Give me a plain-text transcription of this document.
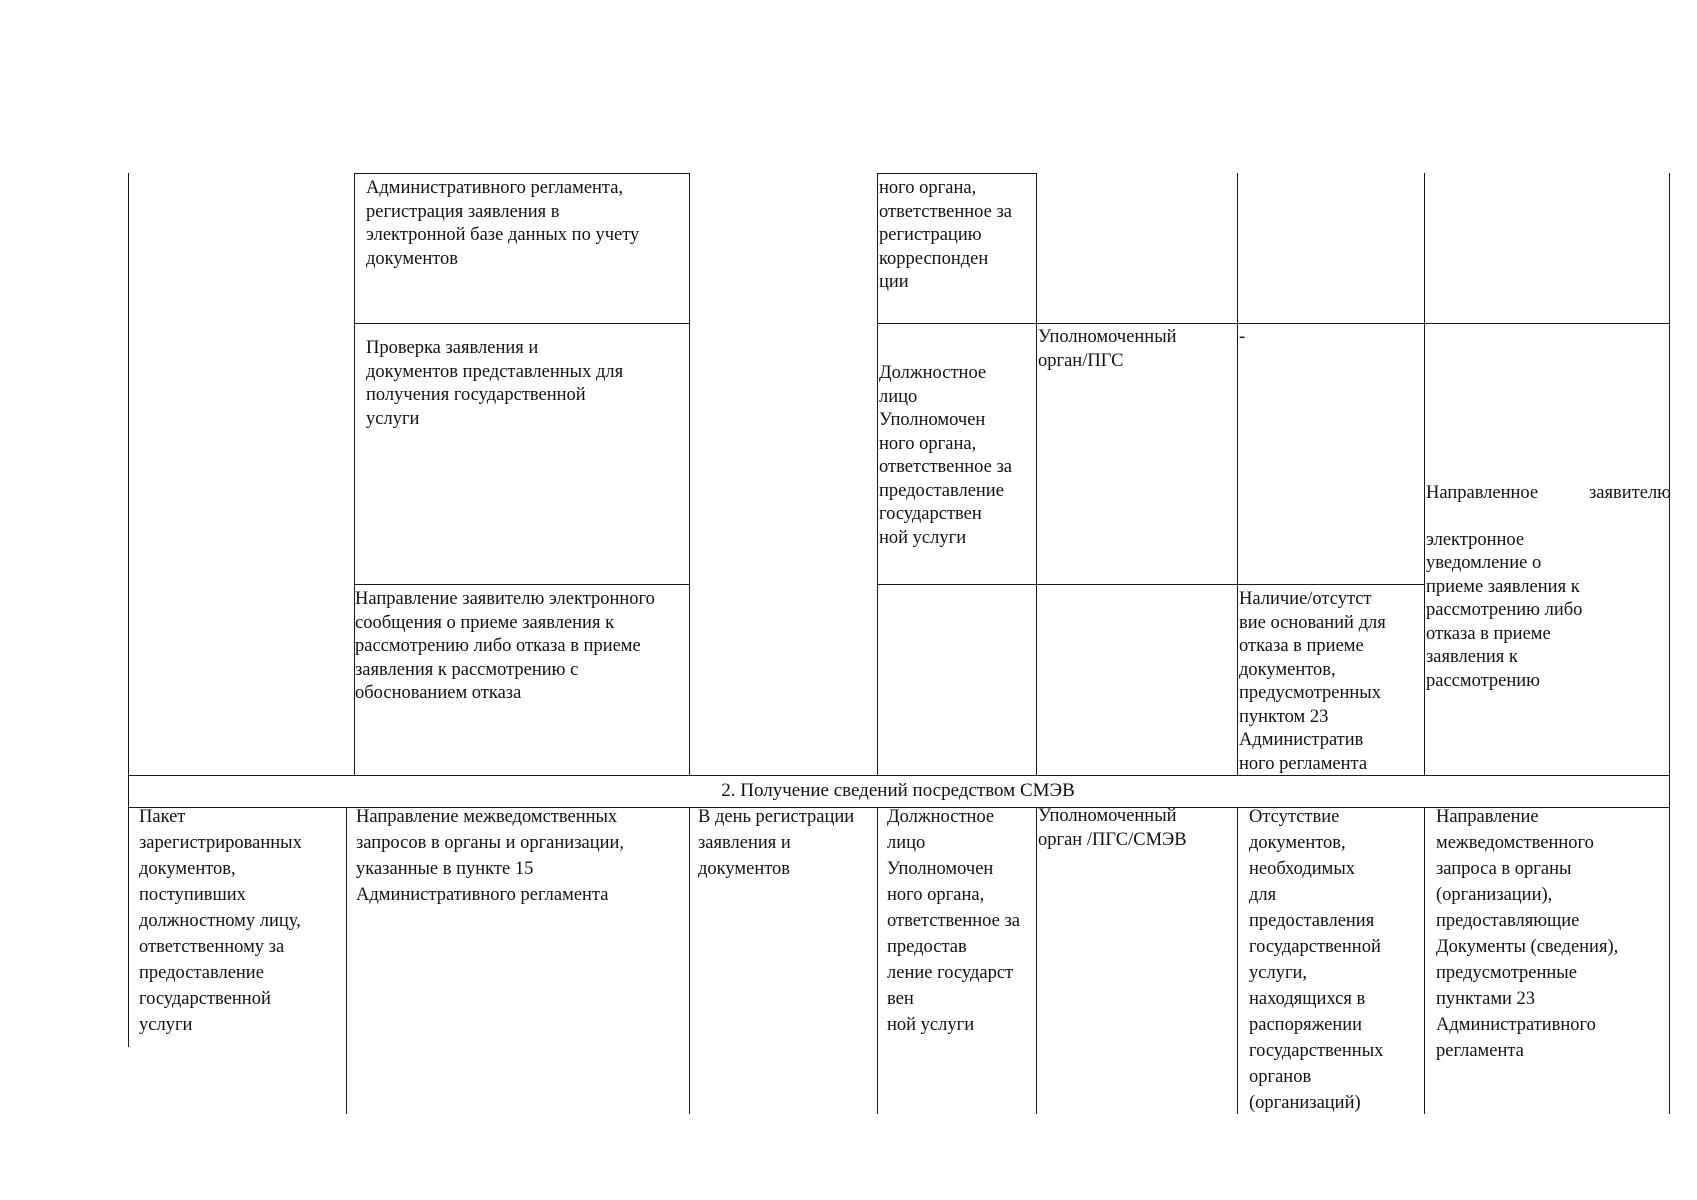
Административного регламента,
регистрация заявления в
электронной базе данных по учету
документов

ного органа,
ответственное за
регистрацию
корреспонден
ции

Проверка заявления и
документов представленных для
получения государственной
услуги

Должностное
лицо
Уполномочен
ного органа,
ответственное за
предоставление
государствен
ной услуги

Уполномоченный
орган/ПГС

-

Направленное	заявителю

электронное
уведомление о
приеме заявления к
рассмотрению либо
отказа в приеме
заявления к
рассмотрению

Направление заявителю электронного
сообщения о приеме заявления к
рассмотрению либо отказа в приеме
заявления к рассмотрению с
обоснованием отказа

Наличие/отсутст
вие оснований для
отказа в приеме
документов,
предусмотренных
пунктом 23
Административ
ного регламента

2. Получение сведений посредством СМЭВ

Пакет
зарегистрированных
документов,
поступивших
должностному лицу,
ответственному за
предоставление
государственной
услуги

Направление межведомственных
запросов в органы и организации,
указанные в пункте 15
Административного регламента

В день регистрации
заявления и
документов

Должностное
лицо
Уполномочен
ного органа,
ответственное за
предостав
ление государст
вен
ной услуги

Уполномоченный
орган /ПГС/СМЭВ

Отсутствие
документов,
необходимых
для
предоставления
государственной
услуги,
находящихся в
распоряжении
государственных
органов
(организаций)

Направление
межведомственного
запроса в органы
(организации),
предоставляющие
Документы (сведения),
предусмотренные
пунктами 23
Административного
регламента
